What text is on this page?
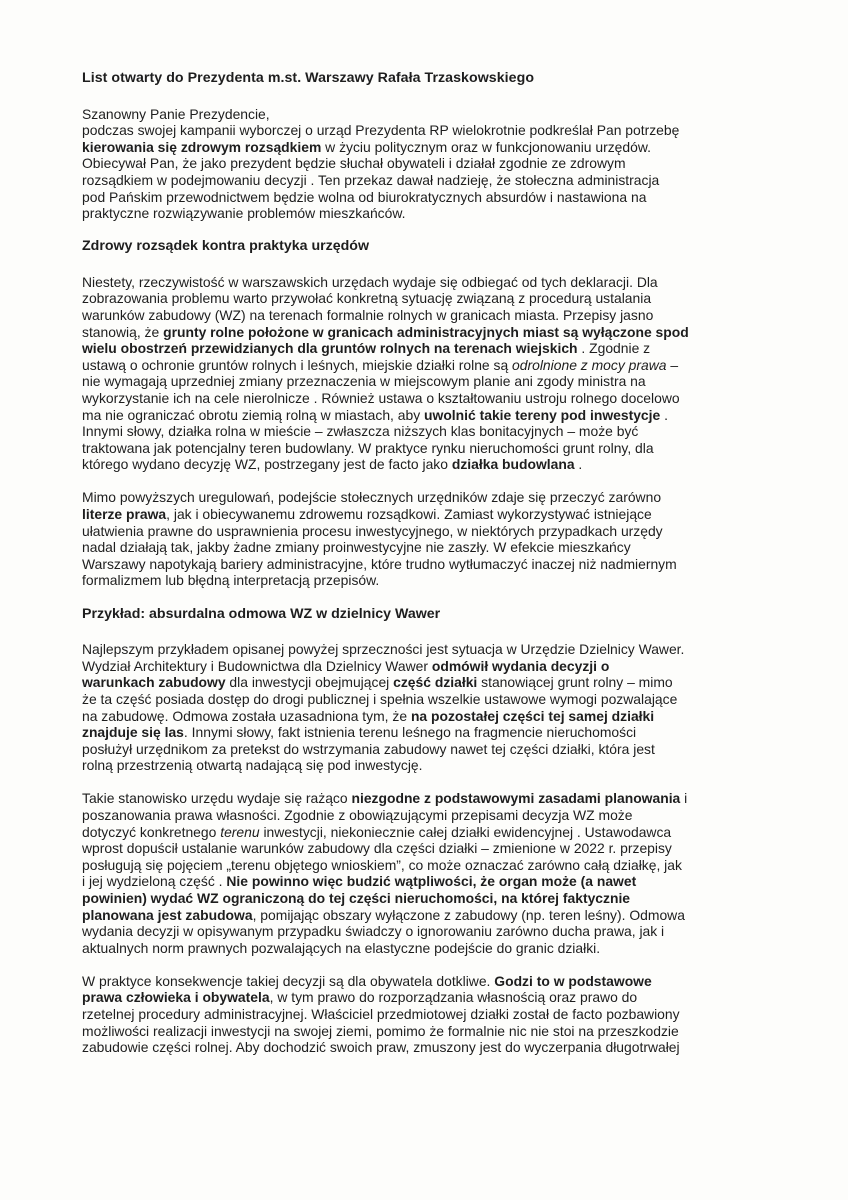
List otwarty do Prezydenta m.st. Warszawy Rafała Trzaskowskiego

Szanowny Panie Prezydencie,
podczas swojej kampanii wyborczej o urząd Prezydenta RP wielokrotnie podkreślał Pan potrzebę
kierowania się zdrowym rozsądkiem w życiu politycznym oraz w funkcjonowaniu urzędów.
Obiecywał Pan, że jako prezydent będzie słuchał obywateli i działał zgodnie ze zdrowym
rozsądkiem w podejmowaniu decyzji . Ten przekaz dawał nadzieję, że stołeczna administracja
pod Pańskim przewodnictwem będzie wolna od biurokratycznych absurdów i nastawiona na
praktyczne rozwiązywanie problemów mieszkańców.

Zdrowy rozsądek kontra praktyka urzędów

Niestety, rzeczywistość w warszawskich urzędach wydaje się odbiegać od tych deklaracji. Dla
zobrazowania problemu warto przywołać konkretną sytuację związaną z procedurą ustalania
warunków zabudowy (WZ) na terenach formalnie rolnych w granicach miasta. Przepisy jasno
stanowią, że grunty rolne położone w granicach administracyjnych miast są wyłączone spod
wielu obostrzeń przewidzianych dla gruntów rolnych na terenach wiejskich . Zgodnie z
ustawą o ochronie gruntów rolnych i leśnych, miejskie działki rolne są odrolnione z mocy prawa –
nie wymagają uprzedniej zmiany przeznaczenia w miejscowym planie ani zgody ministra na
wykorzystanie ich na cele nierolnicze . Również ustawa o kształtowaniu ustroju rolnego docelowo
ma nie ograniczać obrotu ziemią rolną w miastach, aby uwolnić takie tereny pod inwestycje .
Innymi słowy, działka rolna w mieście – zwłaszcza niższych klas bonitacyjnych – może być
traktowana jak potencjalny teren budowlany. W praktyce rynku nieruchomości grunt rolny, dla
którego wydano decyzję WZ, postrzegany jest de facto jako działka budowlana .

Mimo powyższych uregulowań, podejście stołecznych urzędników zdaje się przeczyć zarówno
literze prawa, jak i obiecywanemu zdrowemu rozsądkowi. Zamiast wykorzystywać istniejące
ułatwienia prawne do usprawnienia procesu inwestycyjnego, w niektórych przypadkach urzędy
nadal działają tak, jakby żadne zmiany proinwestycyjne nie zaszły. W efekcie mieszkańcy
Warszawy napotykają bariery administracyjne, które trudno wytłumaczyć inaczej niż nadmiernym
formalizmem lub błędną interpretacją przepisów.

Przykład: absurdalna odmowa WZ w dzielnicy Wawer

Najlepszym przykładem opisanej powyżej sprzeczności jest sytuacja w Urzędzie Dzielnicy Wawer.
Wydział Architektury i Budownictwa dla Dzielnicy Wawer odmówił wydania decyzji o
warunkach zabudowy dla inwestycji obejmującej część działki stanowiącej grunt rolny – mimo
że ta część posiada dostęp do drogi publicznej i spełnia wszelkie ustawowe wymogi pozwalające
na zabudowę. Odmowa została uzasadniona tym, że na pozostałej części tej samej działki
znajduje się las. Innymi słowy, fakt istnienia terenu leśnego na fragmencie nieruchomości
posłużył urzędnikom za pretekst do wstrzymania zabudowy nawet tej części działki, która jest
rolną przestrzenią otwartą nadającą się pod inwestycję.

Takie stanowisko urzędu wydaje się rażąco niezgodne z podstawowymi zasadami planowania i
poszanowania prawa własności. Zgodnie z obowiązującymi przepisami decyzja WZ może
dotyczyć konkretnego terenu inwestycji, niekoniecznie całej działki ewidencyjnej . Ustawodawca
wprost dopuścił ustalanie warunków zabudowy dla części działki – zmienione w 2022 r. przepisy
posługują się pojęciem „terenu objętego wnioskiem”, co może oznaczać zarówno całą działkę, jak
i jej wydzieloną część . Nie powinno więc budzić wątpliwości, że organ może (a nawet
powinien) wydać WZ ograniczoną do tej części nieruchomości, na której faktycznie
planowana jest zabudowa, pomijając obszary wyłączone z zabudowy (np. teren leśny). Odmowa
wydania decyzji w opisywanym przypadku świadczy o ignorowaniu zarówno ducha prawa, jak i
aktualnych norm prawnych pozwalających na elastyczne podejście do granic działki.

W praktyce konsekwencje takiej decyzji są dla obywatela dotkliwe. Godzi to w podstawowe
prawa człowieka i obywatela, w tym prawo do rozporządzania własnością oraz prawo do
rzetelnej procedury administracyjnej. Właściciel przedmiotowej działki został de facto pozbawiony
możliwości realizacji inwestycji na swojej ziemi, pomimo że formalnie nic nie stoi na przeszkodzie
zabudowie części rolnej. Aby dochodzić swoich praw, zmuszony jest do wyczerpania długotrwałej
